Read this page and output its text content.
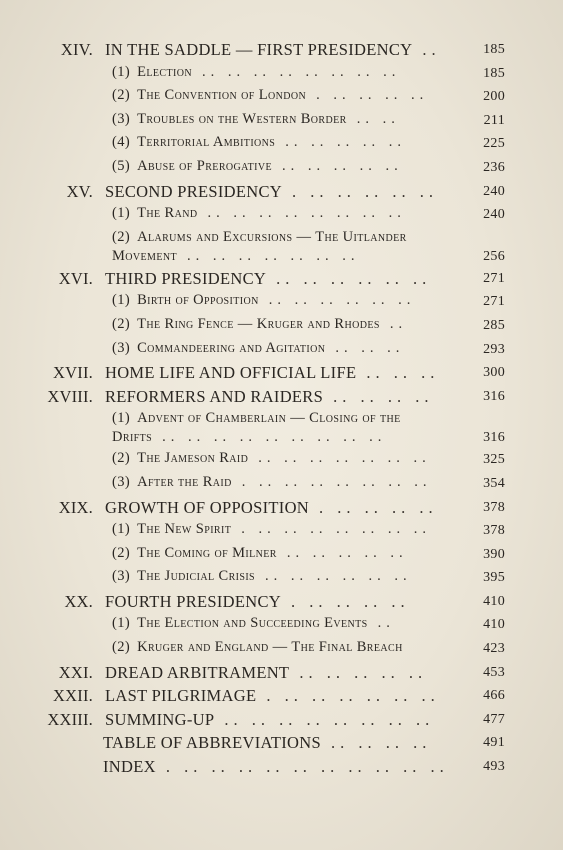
XIV. IN THE SADDLE — FIRST PRESIDENCY ..	185
(1) Election .. .. .. .. .. .. .. ..	185
(2) The Convention of London . .. .. .. ..	200
(3) Troubles on the Western Border .. ..	211
(4) Territorial Ambitions .. .. .. .. ..	225
(5) Abuse of Prerogative .. .. .. .. ..	236
XV. SECOND PRESIDENCY . .. .. .. .. ..	240
(1) The Rand .. .. .. .. .. .. .. ..	240
(2) Alarums and Excursions — The Uitlander
Movement .. .. .. .. .. .. ..	256
XVI. THIRD PRESIDENCY .. .. .. .. .. ..	271
(1) Birth of Opposition .. .. .. .. .. ..	271
(2) The Ring Fence — Kruger and Rhodes ..	285
(3) Commandeering and Agitation .. .. ..	293
XVII. HOME LIFE AND OFFICIAL LIFE .. .. ..	300
XVIII. REFORMERS AND RAIDERS .. .. .. ..	316
(1) Advent of Chamberlain — Closing of the
Drifts .. .. .. .. .. .. .. .. ..	316
(2) The Jameson Raid .. .. .. .. .. .. ..	325
(3) After the Raid . .. .. .. .. .. .. ..	354
XIX. GROWTH OF OPPOSITION . .. .. .. ..	378
(1) The New Spirit . .. .. .. .. .. .. ..	378
(2) The Coming of Milner .. .. .. .. ..	390
(3) The Judicial Crisis .. .. .. .. .. ..	395
XX. FOURTH PRESIDENCY . .. .. .. ..	410
(1) The Election and Succeeding Events ..	410
(2) Kruger and England — The Final Breach	423
XXI. DREAD ARBITRAMENT .. .. .. .. ..	453
XXII. LAST PILGRIMAGE . .. .. .. .. .. ..	466
XXIII. SUMMING-UP .. .. .. .. .. .. .. ..	477
TABLE OF ABBREVIATIONS .. .. .. ..	491
INDEX . .. .. .. .. .. .. .. .. .. .. 493
